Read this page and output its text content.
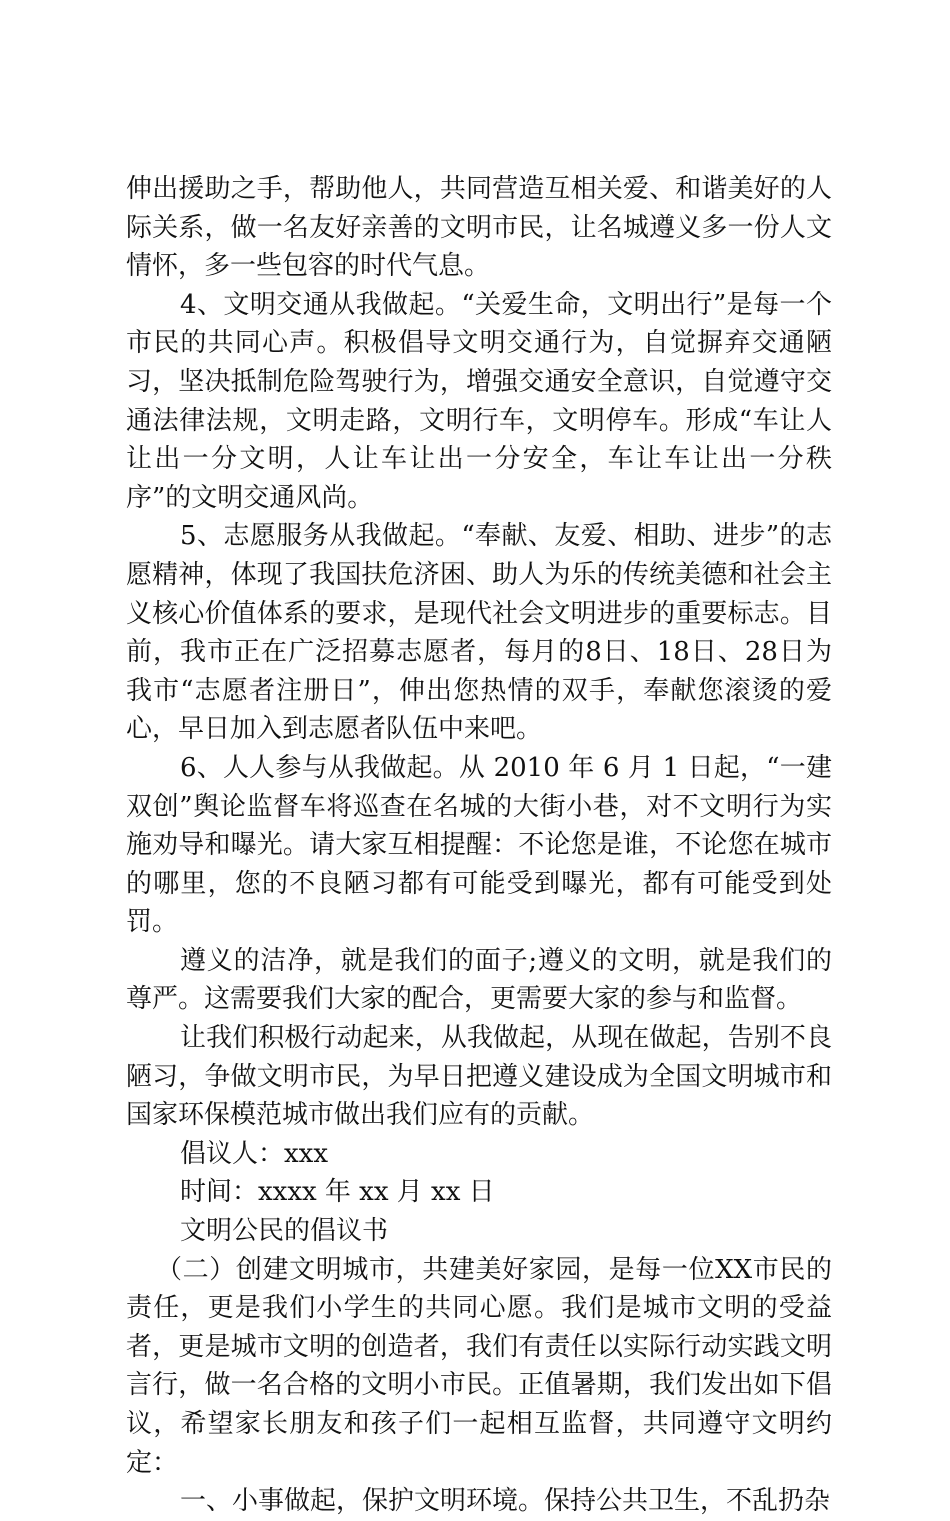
伸出援助之手，帮助他人，共同营造互相关爱、和谐美好的人际关系，做一名友好亲善的文明市民，让名城遵义多一份人文情怀，多一些包容的时代气息。

4、文明交通从我做起。“关爱生命，文明出行”是每一个市民的共同心声。积极倡导文明交通行为，自觉摒弃交通陋习，坚决抵制危险驾驶行为，增强交通安全意识，自觉遵守交通法律法规，文明走路，文明行车，文明停车。形成“车让人让出一分文明，人让车让出一分安全，车让车让出一分秩序”的文明交通风尚。

5、志愿服务从我做起。“奉献、友爱、相助、进步”的志愿精神，体现了我国扶危济困、助人为乐的传统美德和社会主义核心价值体系的要求，是现代社会文明进步的重要标志。目前，我市正在广泛招募志愿者，每月的8日、18日、28日为我市“志愿者注册日”，伸出您热情的双手，奉献您滚烫的爱心，早日加入到志愿者队伍中来吧。

6、人人参与从我做起。从 2010 年 6 月 1 日起，“一建双创”舆论监督车将巡查在名城的大街小巷，对不文明行为实施劝导和曝光。请大家互相提醒：不论您是谁，不论您在城市的哪里，您的不良陋习都有可能受到曝光，都有可能受到处罚。

遵义的洁净，就是我们的面子;遵义的文明，就是我们的尊严。这需要我们大家的配合，更需要大家的参与和监督。

让我们积极行动起来，从我做起，从现在做起，告别不良陋习，争做文明市民，为早日把遵义建设成为全国文明城市和国家环保模范城市做出我们应有的贡献。

倡议人：xxx

时间：xxxx 年 xx 月 xx 日

文明公民的倡议书

（二）创建文明城市，共建美好家园，是每一位XX市民的责任，更是我们小学生的共同心愿。我们是城市文明的受益者，更是城市文明的创造者，我们有责任以实际行动实践文明言行，做一名合格的文明小市民。正值暑期，我们发出如下倡议，希望家长朋友和孩子们一起相互监督，共同遵守文明约定：

一、小事做起，保护文明环境。保持公共卫生，不乱扔杂
